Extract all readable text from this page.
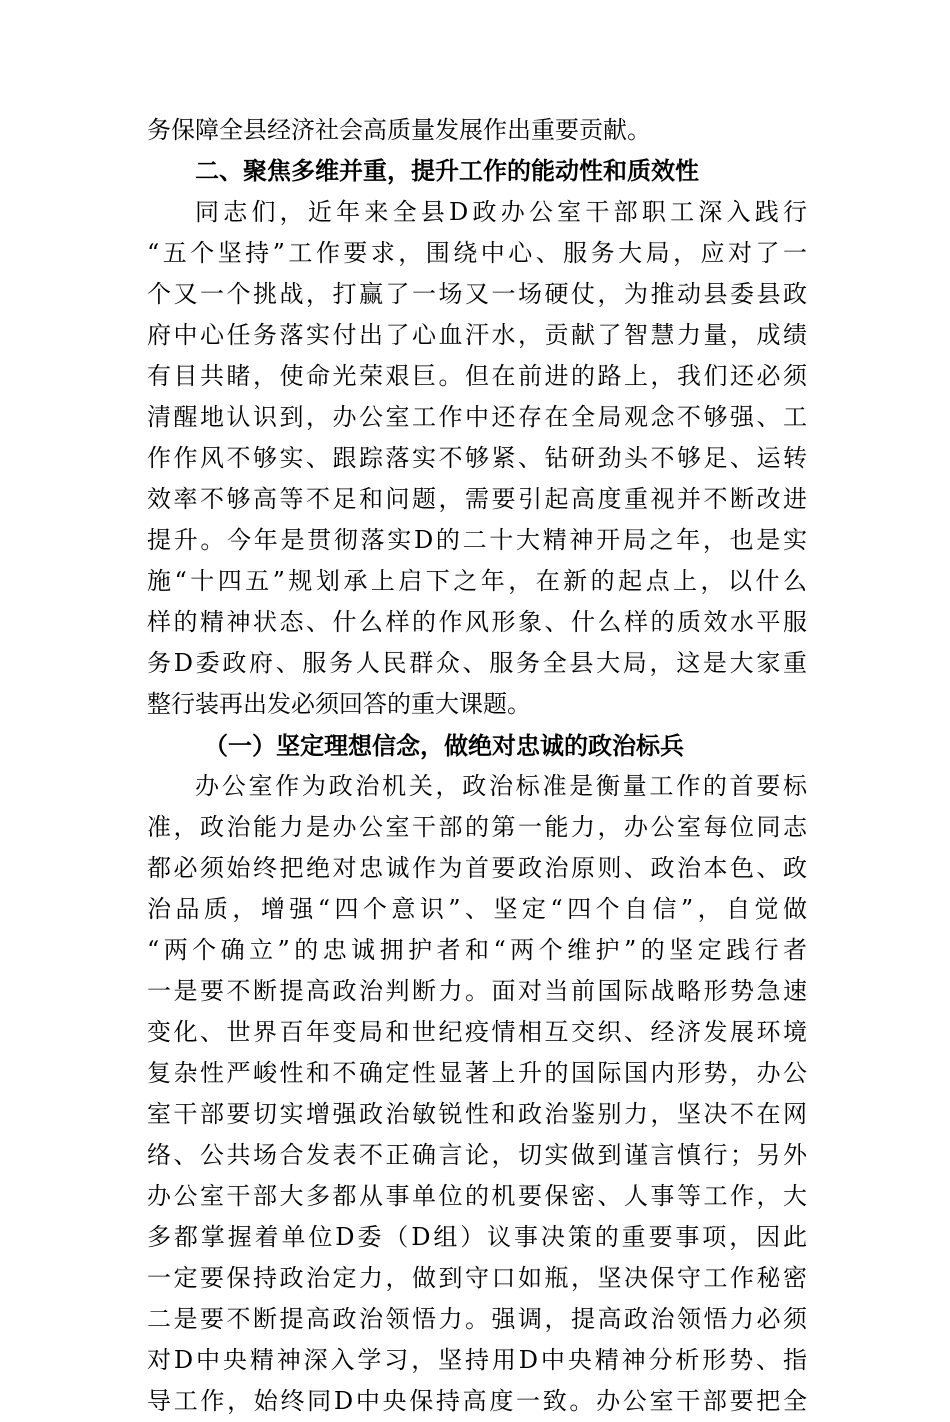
务保障全县经济社会高质量发展作出重要贡献。
二、聚焦多维并重，提升工作的能动性和质效性
同志们，近年来全县D政办公室干部职工深入践行
“五个坚持”工作要求，围绕中心、服务大局，应对了一
个又一个挑战，打赢了一场又一场硬仗，为推动县委县政
府中心任务落实付出了心血汗水，贡献了智慧力量，成绩
有目共睹，使命光荣艰巨。但在前进的路上，我们还必须
清醒地认识到，办公室工作中还存在全局观念不够强、工
作作风不够实、跟踪落实不够紧、钻研劲头不够足、运转
效率不够高等不足和问题，需要引起高度重视并不断改进
提升。今年是贯彻落实D的二十大精神开局之年，也是实
施“十四五”规划承上启下之年，在新的起点上，以什么
样的精神状态、什么样的作风形象、什么样的质效水平服
务D委政府、服务人民群众、服务全县大局，这是大家重
整行装再出发必须回答的重大课题。
（一）坚定理想信念，做绝对忠诚的政治标兵
办公室作为政治机关，政治标准是衡量工作的首要标
准，政治能力是办公室干部的第一能力，办公室每位同志
都必须始终把绝对忠诚作为首要政治原则、政治本色、政
治品质，增强“四个意识”、坚定“四个自信”，自觉做
“两个确立”的忠诚拥护者和“两个维护”的坚定践行者
一是要不断提高政治判断力。面对当前国际战略形势急速
变化、世界百年变局和世纪疫情相互交织、经济发展环境
复杂性严峻性和不确定性显著上升的国际国内形势，办公
室干部要切实增强政治敏锐性和政治鉴别力，坚决不在网
络、公共场合发表不正确言论，切实做到谨言慎行；另外
办公室干部大多都从事单位的机要保密、人事等工作，大
多都掌握着单位D委（D组）议事决策的重要事项，因此
一定要保持政治定力，做到守口如瓶，坚决保守工作秘密
二是要不断提高政治领悟力。强调，提高政治领悟力必须
对D中央精神深入学习，坚持用D中央精神分析形势、指
导工作，始终同D中央保持高度一致。办公室干部要把全
